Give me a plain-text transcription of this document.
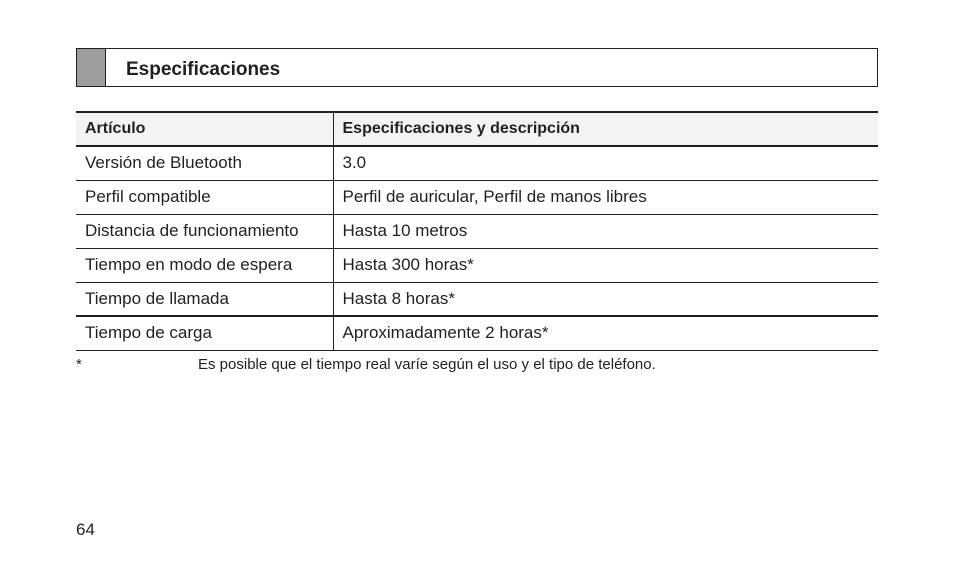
Especificaciones
Artículo	Especificaciones y descripción
Versión de Bluetooth	3.0
Perfil compatible	Perfil de auricular, Perfil de manos libres
Distancia de funcionamiento	Hasta 10 metros
Tiempo en modo de espera	Hasta 300 horas*
Tiempo de llamada	Hasta 8 horas*
Tiempo de carga	Aproximadamente 2 horas*
*	Es posible que el tiempo real varíe según el uso y el tipo de teléfono.
64
